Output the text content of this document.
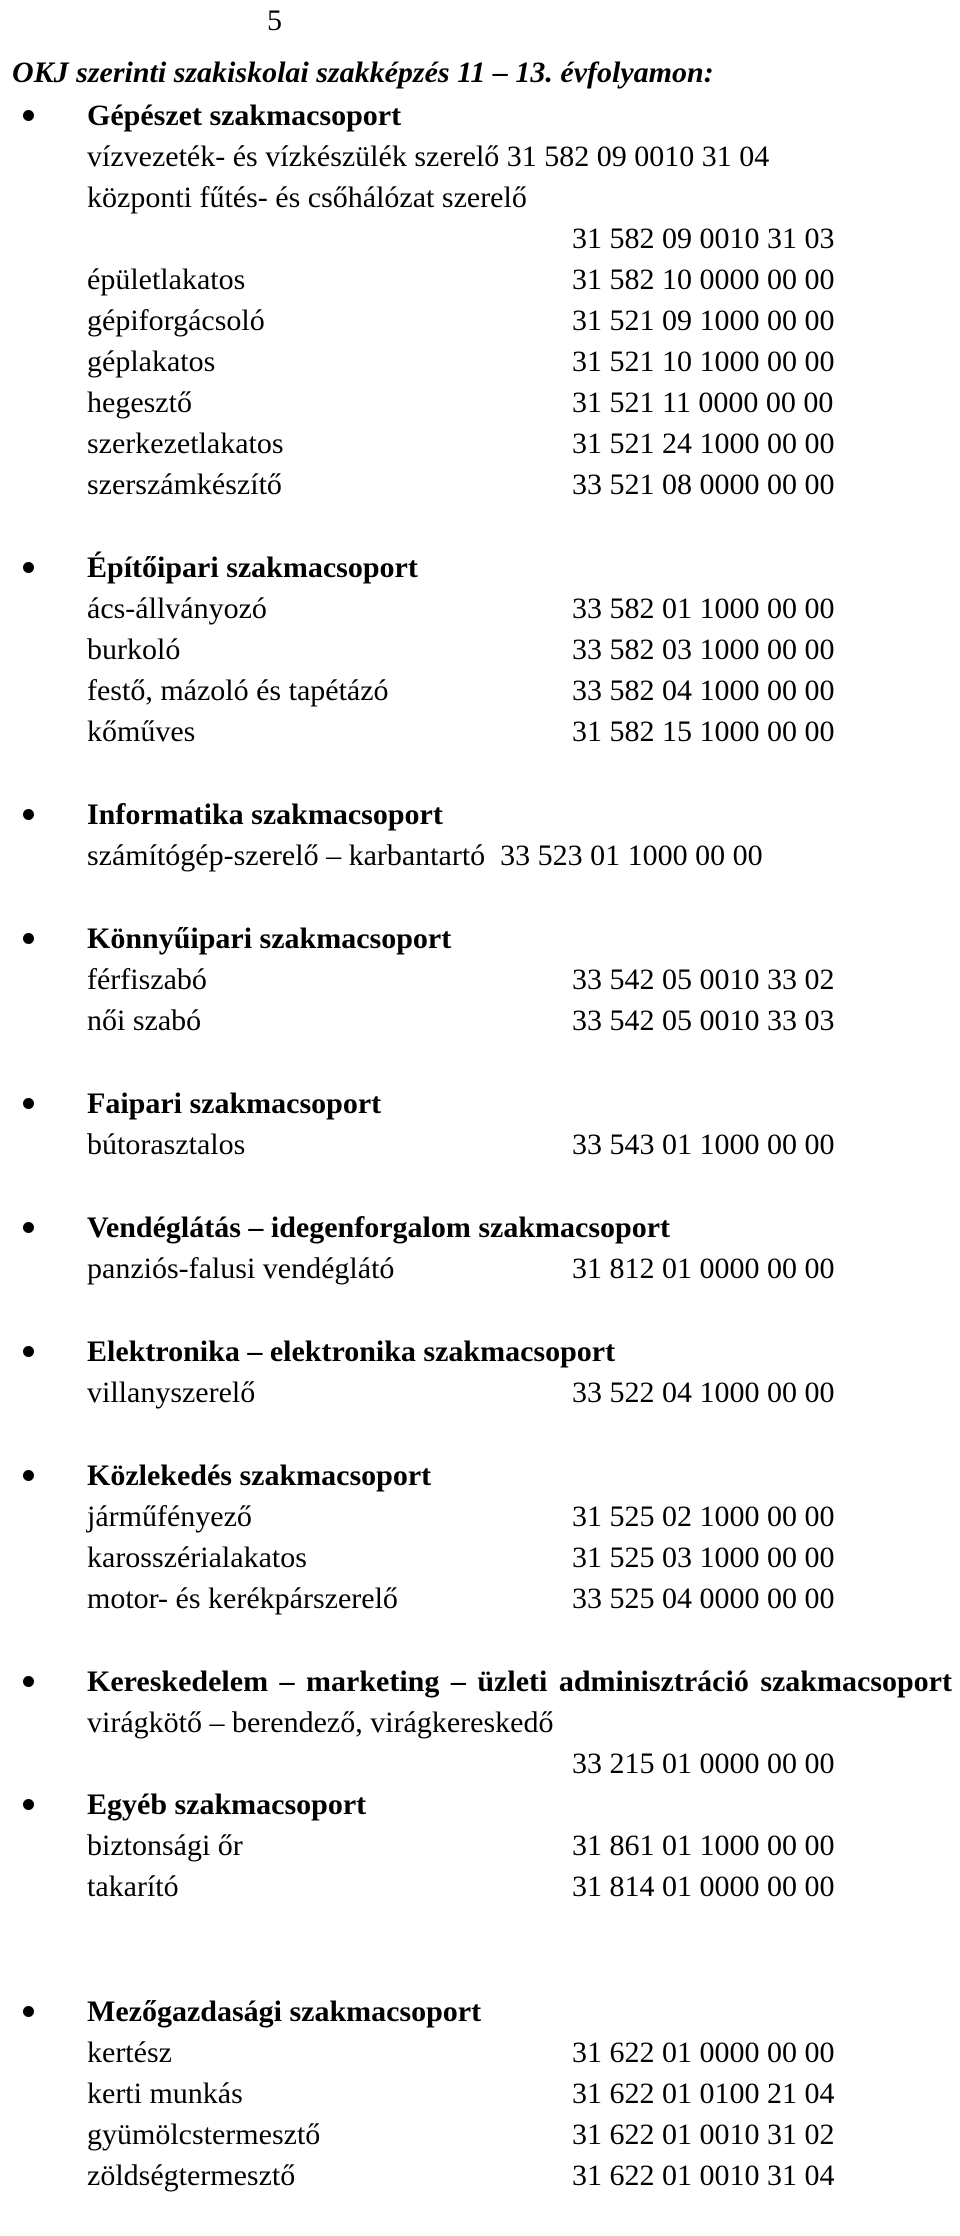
5
OKJ szerinti szakiskolai szakképzés 11 – 13. évfolyamon:
Gépészet szakmacsoport
vízvezeték- és vízkészülék szerelő 31 582 09 0010 31 04
központi fűtés- és csőhálózat szerelő
31 582 09 0010 31 03
épületlakatos	31 582 10 0000 00 00
gépiforgácsoló	31 521 09 1000 00 00
géplakatos	31 521 10 1000 00 00
hegesztő	31 521 11 0000 00 00
szerkezetlakatos	31 521 24 1000 00 00
szerszámkészítő	33 521 08 0000 00 00
Építőipari szakmacsoport
ács-állványozó	33 582 01 1000 00 00
burkoló	33 582 03 1000 00 00
festő, mázoló és tapétázó	33 582 04 1000 00 00
kőműves	31 582 15 1000 00 00
Informatika szakmacsoport
számítógép-szerelő – karbantartó 33 523 01 1000 00 00
Könnyűipari szakmacsoport
férfiszabó	33 542 05 0010 33 02
női szabó	33 542 05 0010 33 03
Faipari szakmacsoport
bútorasztalos	33 543 01 1000 00 00
Vendéglátás – idegenforgalom szakmacsoport
panziós-falusi vendéglátó	31 812 01 0000 00 00
Elektronika – elektronika szakmacsoport
villanyszerelő	33 522 04 1000 00 00
Közlekedés szakmacsoport
járműfényező	31 525 02 1000 00 00
karosszérialakatos	31 525 03 1000 00 00
motor- és kerékpárszerelő	33 525 04 0000 00 00
Kereskedelem – marketing – üzleti adminisztráció szakmacsoport
virágkötő – berendező, virágkereskedő
33 215 01 0000 00 00
Egyéb szakmacsoport
biztonsági őr	31 861 01 1000 00 00
takarító	31 814 01 0000 00 00
Mezőgazdasági szakmacsoport
kertész	31 622 01 0000 00 00
kerti munkás	31 622 01 0100 21 04
gyümölcstermesztő	31 622 01 0010 31 02
zöldségtermesztő	31 622 01 0010 31 04
